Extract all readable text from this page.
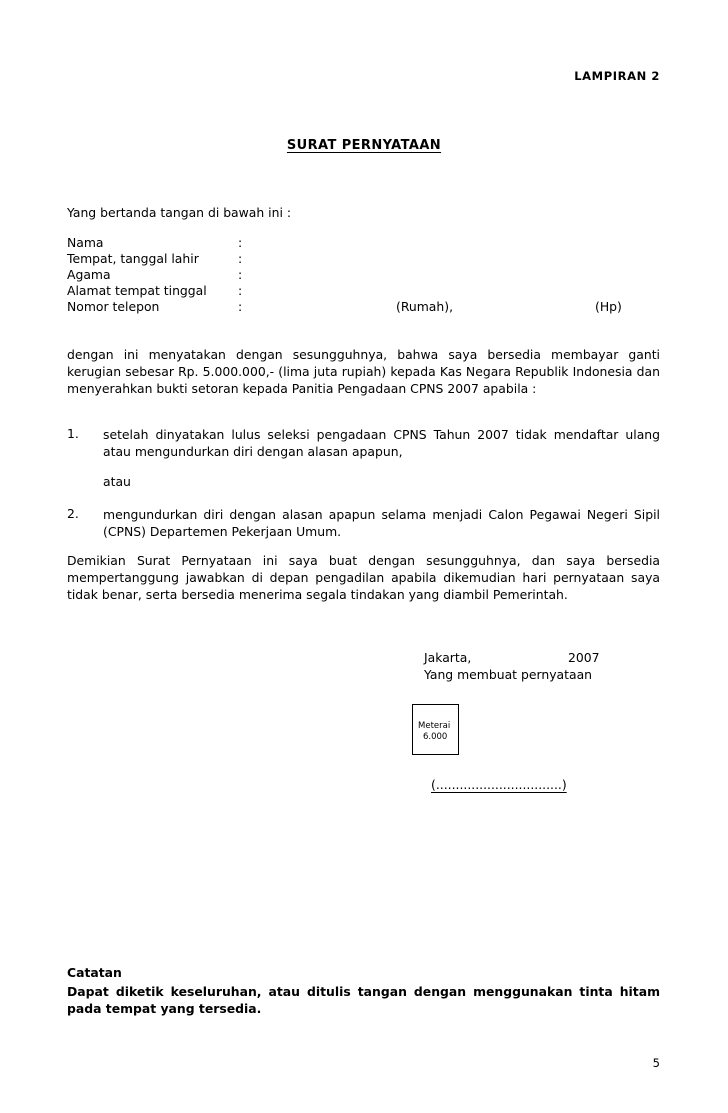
LAMPIRAN 2
SURAT PERNYATAAN
Yang bertanda tangan di bawah ini :
Nama	:
Tempat, tanggal lahir	:
Agama	:
Alamat tempat tinggal	:
Nomor telepon	:	(Rumah),	(Hp)
dengan ini menyatakan dengan sesungguhnya, bahwa saya bersedia membayar ganti kerugian sebesar Rp. 5.000.000,- (lima juta rupiah) kepada Kas Negara Republik Indonesia dan menyerahkan bukti setoran kepada Panitia Pengadaan CPNS 2007 apabila :
1. setelah dinyatakan lulus seleksi pengadaan CPNS Tahun 2007 tidak mendaftar ulang atau mengundurkan diri dengan alasan apapun,
atau
2. mengundurkan diri dengan alasan apapun selama menjadi Calon Pegawai Negeri Sipil (CPNS) Departemen Pekerjaan Umum.
Demikian Surat Pernyataan ini saya buat dengan sesungguhnya, dan saya bersedia mempertanggung jawabkan di depan pengadilan apabila dikemudian hari pernyataan saya tidak benar, serta bersedia menerima segala tindakan yang diambil Pemerintah.
Jakarta,	2007
Yang membuat pernyataan
Meterai
6.000
(................................)
Catatan
Dapat diketik keseluruhan, atau ditulis tangan dengan menggunakan tinta hitam pada tempat yang tersedia.
5
